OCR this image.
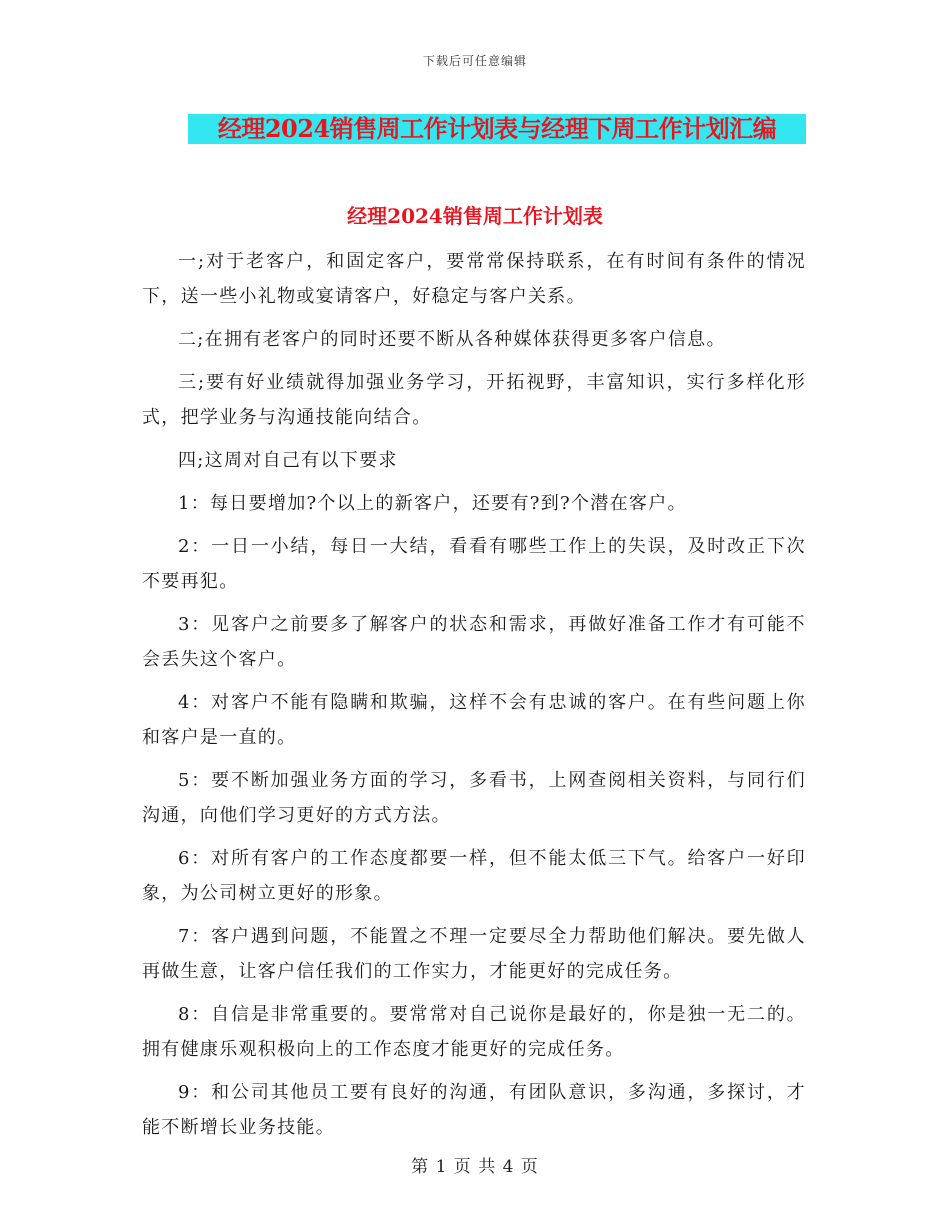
下载后可任意编辑
经理2024销售周工作计划表与经理下周工作计划汇编
经理2024销售周工作计划表

一;对于老客户，和固定客户，要常常保持联系，在有时间有条件的情况下，送一些小礼物或宴请客户，好稳定与客户关系。

二;在拥有老客户的同时还要不断从各种媒体获得更多客户信息。

三;要有好业绩就得加强业务学习，开拓视野，丰富知识，实行多样化形式，把学业务与沟通技能向结合。

四;这周对自己有以下要求

1：每日要增加?个以上的新客户，还要有?到?个潜在客户。

2：一日一小结，每日一大结，看看有哪些工作上的失误，及时改正下次不要再犯。

3：见客户之前要多了解客户的状态和需求，再做好准备工作才有可能不会丢失这个客户。

4：对客户不能有隐瞒和欺骗，这样不会有忠诚的客户。在有些问题上你和客户是一直的。

5：要不断加强业务方面的学习，多看书，上网查阅相关资料，与同行们沟通，向他们学习更好的方式方法。

6：对所有客户的工作态度都要一样，但不能太低三下气。给客户一好印象，为公司树立更好的形象。

7：客户遇到问题，不能置之不理一定要尽全力帮助他们解决。要先做人再做生意，让客户信任我们的工作实力，才能更好的完成任务。

8：自信是非常重要的。要常常对自己说你是最好的，你是独一无二的。拥有健康乐观积极向上的工作态度才能更好的完成任务。

9：和公司其他员工要有良好的沟通，有团队意识，多沟通，多探讨，才能不断增长业务技能。

第 1 页 共 4 页
